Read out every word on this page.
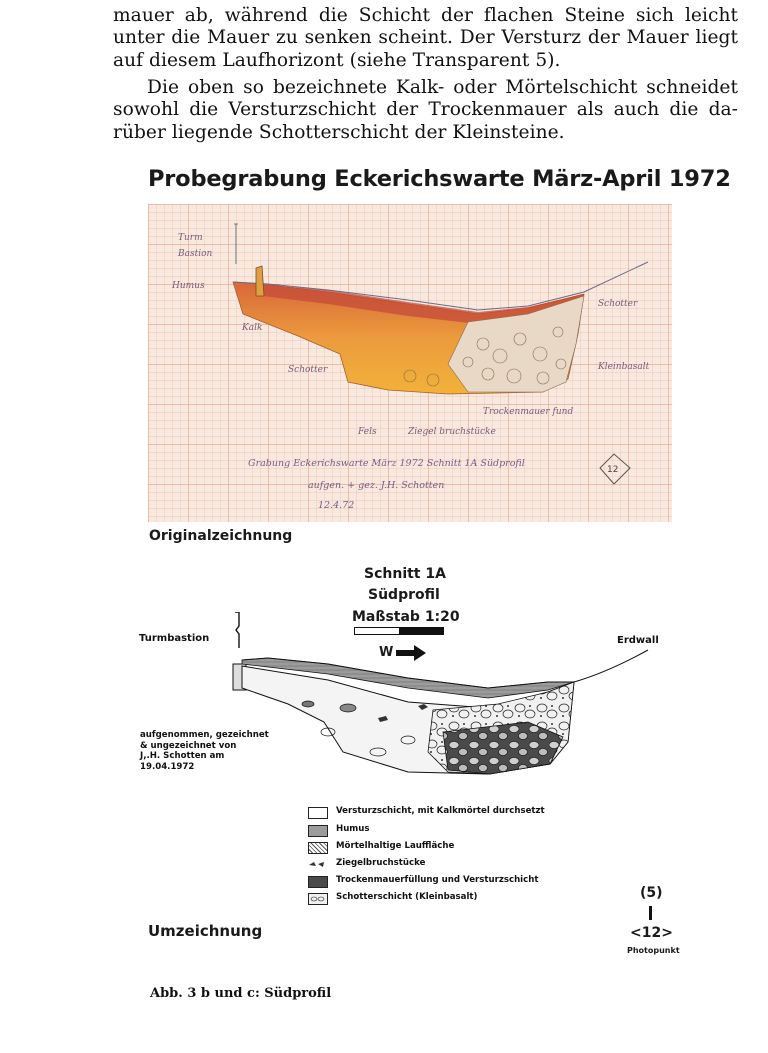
mauer ab, während die Schicht der flachen Steine sich leicht
unter die Mauer zu senken scheint. Der Versturz der Mauer liegt
auf diesem Laufhorizont (siehe Transparent 5).
Die oben so bezeichnete Kalk- oder Mörtelschicht schneidet
sowohl die Versturzschicht der Trockenmauer als auch die da-
rüber liegende Schotterschicht der Kleinsteine.
Probegrabung Eckerichswarte März-April 1972
Turm
Bastion
Humus
Kalk
Schotter
Schotter
Kleinbasalt
Trockenmauer fund
Fels	Ziegel bruchstücke
Grabung Eckerichswarte März 1972 Schnitt 1A Südprofil
aufgen. + gez. J.H. Schotten
12.4.72
12
Originalzeichnung
Schnitt 1A
Südprofil
Maßstab 1:20
W
Turmbastion	Erdwall
aufgenommen, gezeichnet
& ungezeichnet von
J,.H. Schotten am
19.04.1972
Versturzschicht, mit Kalkmörtel durchsetzt
Humus
Mörtelhaltige Lauffläche
Ziegelbruchstücke
Trockenmauerfüllung und Versturzschicht
Schotterschicht (Kleinbasalt)
Umzeichnung
(5)
<12>
Photopunkt
Abb. 3 b und c: Südprofil
